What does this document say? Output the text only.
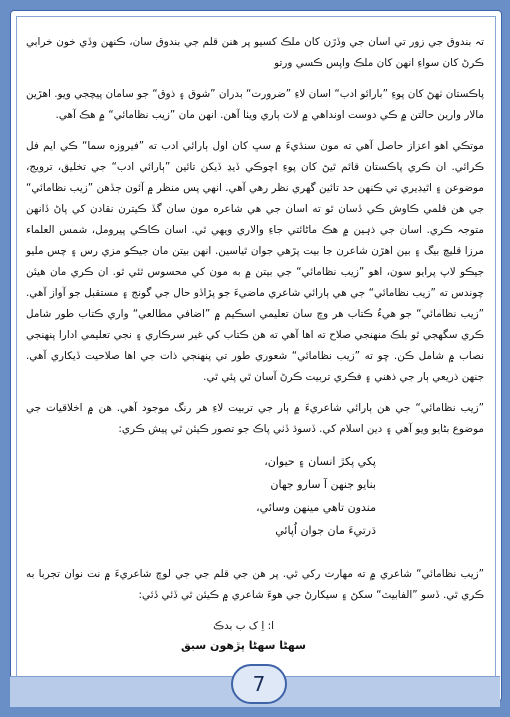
تہ بندوق جي زور تي اسان جي وڏڙن کان ملڪ کسيو پر هنن قلم جي بندوق سان، ڪنهن وڏي خون خرابي ڪرڻ کان سواءِ انهن کان ملڪ واپس ڪسي ورتو

پاڪستان ٺهڻ کان پوءِ ”بارائو ادب“ اسان لاءِ ”ضرورت“ بدران ”شوق ۽ ذوق“ جو سامان پيچجي ويو. اهڙين مالار وارين حالتن ۾ ڪي دوست اونداهي ۾ لاٽ ٻاري ويٺا آهن. انهن مان ”زيب نظامائي“ ۾ هڪ آهي.

موتڪي اهو اعزاز حاصل آهي ته مون سنڌيءَ ۾ سڀ کان اول ٻارائي ادب ته ”فيروزه سما“ ڪي ايم فل ڪرائي. ان ڪري پاڪستان قائم ٿيڻ کان پوءِ اچوڪي ڏيڍ ڏيکن تائين ”ٻارائي ادب“ جي تخليق، ترويج، موضوعن ۽ اٿيڊيري تي ڪنهن حد تائين گهري نظر رهي آهي. انهي پس منظر ۾ آئون جڏهن ”زيب نظامائي“ جي هن قلمي ڪاوش ڪي ڏسان ٿو ته اسان جي هي شاعره مون سان گڏ ڪيترن نقادن کي پاڻ ڏانهن متوجہ ڪري. اسان جي ذہين ۾ هڪ ماڻائتي جاءِ والاري ويھي ٿي. اسان ڪاڪي پيرومل، شمس العلماء مرزا قليچ بيگ ۽ بين اهڙن شاعرن جا بيت پڙهي جوان ٿياسين. انهن بيتن مان جيڪو مزي رس ۽ چس مليو جيڪو لاپ پرايو سون، اهو ”زيب نظامائي“ جي بيتن ۾ به مون کي محسوس ٿئي ٿو. ان ڪري مان هيئن چوندس ته ”زيب نظامائي“ جي هي ٻارائي شاعري ماضيءَ جو پڙاڏو حال جي گونج ۽ مستقبل جو آواز آهي. ”زيب نظامائي“ جو هيءُ ڪتاب هر وچ سان تعليمي اسڪيم ۾ ”اضافي مطالعي“ واري ڪتاب طور شامل ڪري سگهجي ٿو بلڪ منهنجي صلاح ته اها آهي ته هن ڪتاب کي غير سرڪاري ۽ نجي تعليمي ادارا پنهنجي نصاب ۾ شامل ڪن. ڇو ته ”زيب نظامائي“ شعوري طور تي پنهنجي ذات جي اها صلاحيت ڏيکاري آهي. جنهن ذريعي ٻار جي ذهني ۽ فڪري تربيت ڪرڻ آسان ٿي پئي ٿي.

”زيب نظامائي“ جي هن ٻارائي شاعريءَ ۾ ٻار جي تربيت لاءِ هر رنگ موجود آهي. هن ۾ اخلاقيات جي موضوع بڻايو ويو آهي ۽ دين اسلام کي. ڏسوڌ ڏٺي پاڪ جو تصور ڪيئن ٿي پيش ڪري:

پکي پکڙ انسان ۽ حيوان،
بنايو جنهن آ سارو جهان
مندون تاهي مينهن وسائي،
ڌرتيءَ مان جوان اُپائي

”زيب نظامائي“ شاعري ۾ ته مهارت رکي ٿي. پر هن جي قلم جي جي لوچ شاعريءَ ۾ نت نوان تجربا به ڪري ٿي. ڏسو ”الفابيٽ“ سکڻ ۽ سيکارڻ جي هوءَ شاعري ۾ ڪيئن ٿي ڏئي ڏئي:

ا: اِ ک ب بدڪ
سهڻا سهڻا پڙهون سبق
7
